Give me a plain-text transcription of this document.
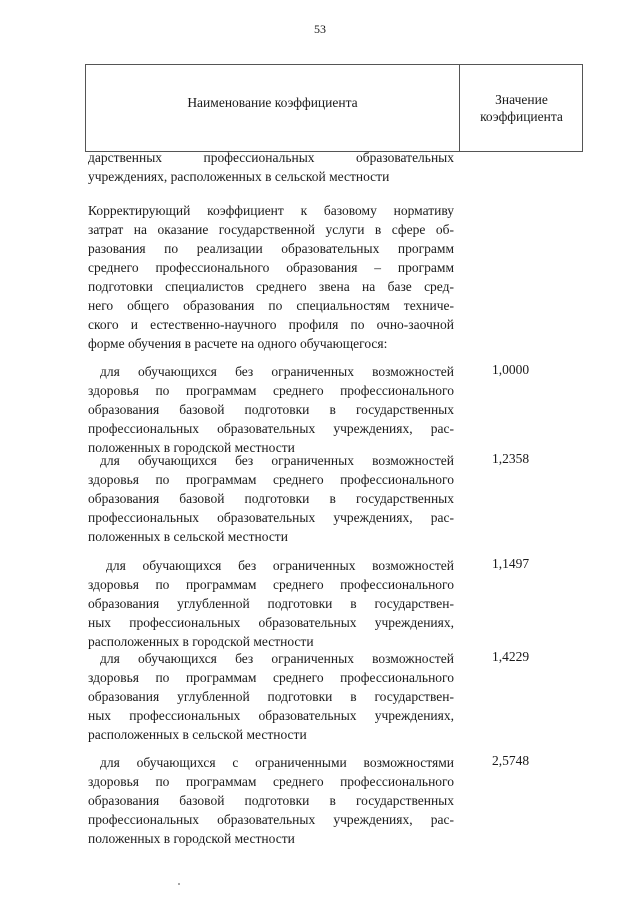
53
Наименование коэффициента	Значение
коэффициента
дарственных профессиональных образовательных
учреждениях, расположенных в сельской местности
Корректирующий коэффициент к базовому нормативу
затрат на оказание государственной услуги в сфере об-
разования по реализации образовательных программ
среднего профессионального образования – программ
подготовки специалистов среднего звена на базе сред-
него общего образования по специальностям техниче-
ского и естественно-научного профиля по очно-заочной
форме обучения в расчете на одного обучающегося:
для обучающихся без ограниченных возможностей
здоровья по программам среднего профессионального
образования базовой подготовки в государственных
профессиональных образовательных учреждениях, рас-
положенных в городской местности
1,0000
для обучающихся без ограниченных возможностей
здоровья по программам среднего профессионального
образования базовой подготовки в государственных
профессиональных образовательных учреждениях, рас-
положенных в сельской местности
1,2358
для обучающихся без ограниченных возможностей
здоровья по программам среднего профессионального
образования углубленной подготовки в государствен-
ных профессиональных образовательных учреждениях,
расположенных в городской местности
1,1497
для обучающихся без ограниченных возможностей
здоровья по программам среднего профессионального
образования углубленной подготовки в государствен-
ных профессиональных образовательных учреждениях,
расположенных в сельской местности
1,4229
для обучающихся с ограниченными возможностями
здоровья по программам среднего профессионального
образования базовой подготовки в государственных
профессиональных образовательных учреждениях, рас-
положенных в городской местности
2,5748
